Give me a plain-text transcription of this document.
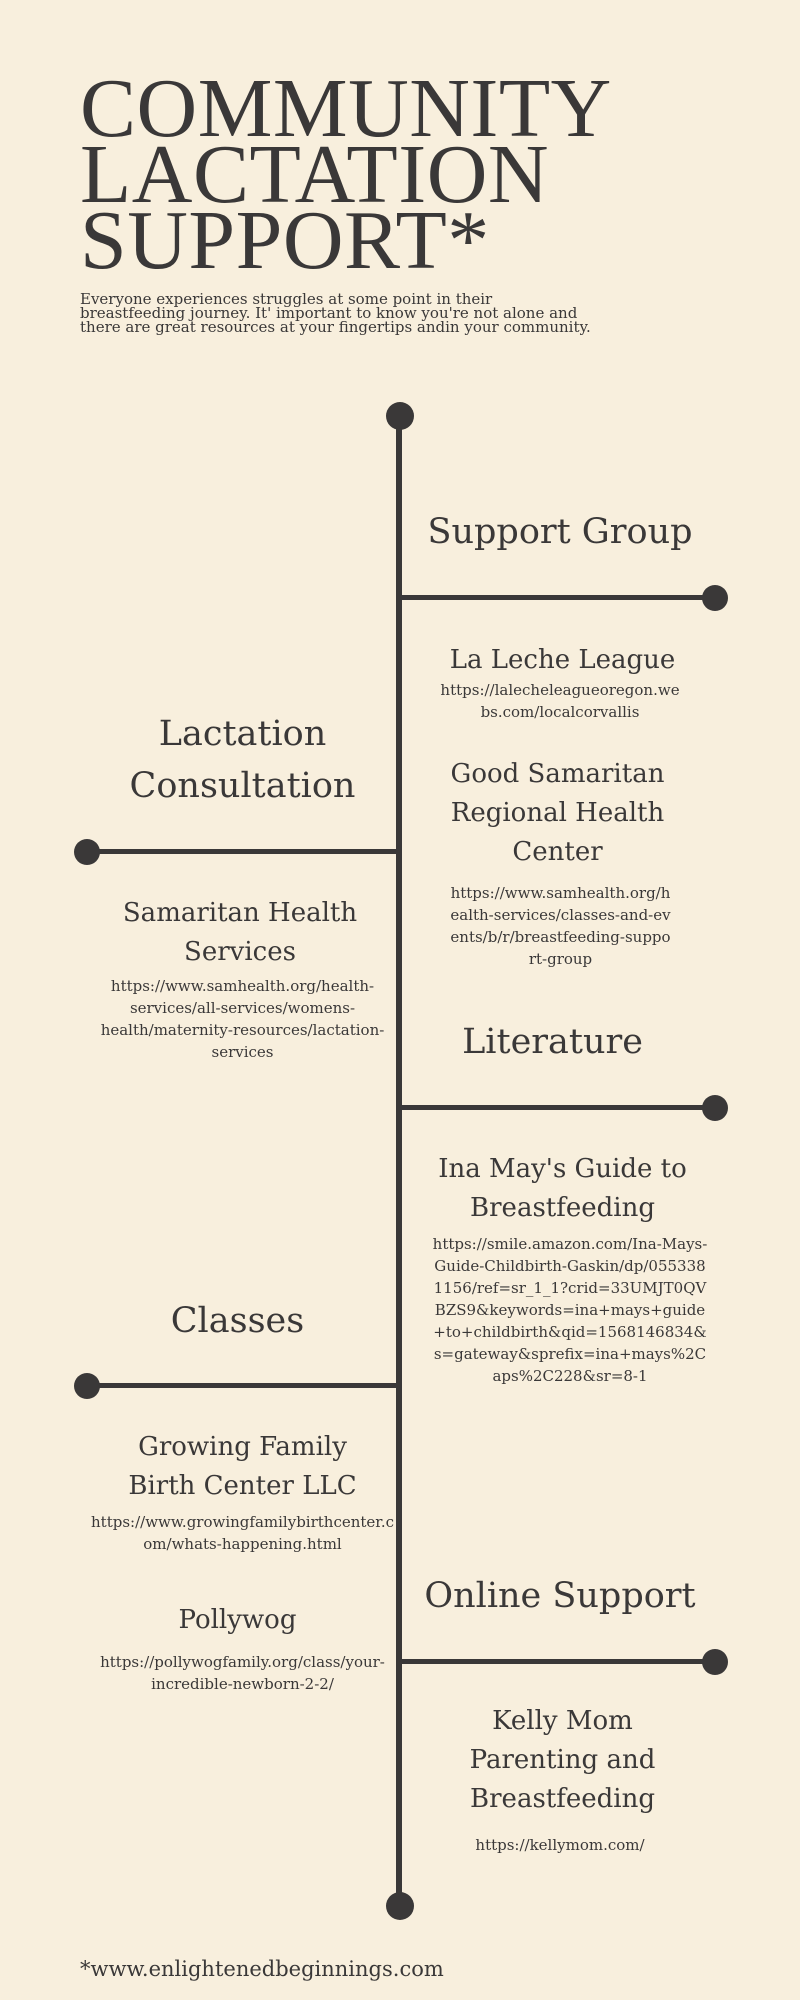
COMMUNITY
LACTATION
SUPPORT*

Everyone experiences struggles at some point in their breastfeeding journey. It' important to know you're not alone and there are great resources at your fingertips andin your community.

Support Group
La Leche League
https://lalecheleagueoregon.webs.com/localcorvallis
Good Samaritan Regional Health Center
https://www.samhealth.org/health-services/classes-and-events/b/r/breastfeeding-support-group
Lactation Consultation
Samaritan Health Services
https://www.samhealth.org/health-services/all-services/womens-health/maternity-resources/lactation-services	Literature
Ina May's Guide to Breastfeeding
https://smile.amazon.com/Ina-Mays-Guide-Childbirth-Gaskin/dp/0553381156/ref=sr_1_1?crid=33UMJT0QVBZS9&keywords=ina+mays+guide+to+childbirth&qid=1568146834&s=gateway&sprefix=ina+mays%2Caps%2C228&sr=8-1
Classes
Growing Family Birth Center LLC
https://www.growingfamilybirthcenter.com/whats-happening.html
Pollywog
https://pollywogfamily.org/class/your-incredible-newborn-2-2/
Online Support
Kelly Mom Parenting and Breastfeeding
https://kellymom.com/

*www.enlightenedbeginnings.com
